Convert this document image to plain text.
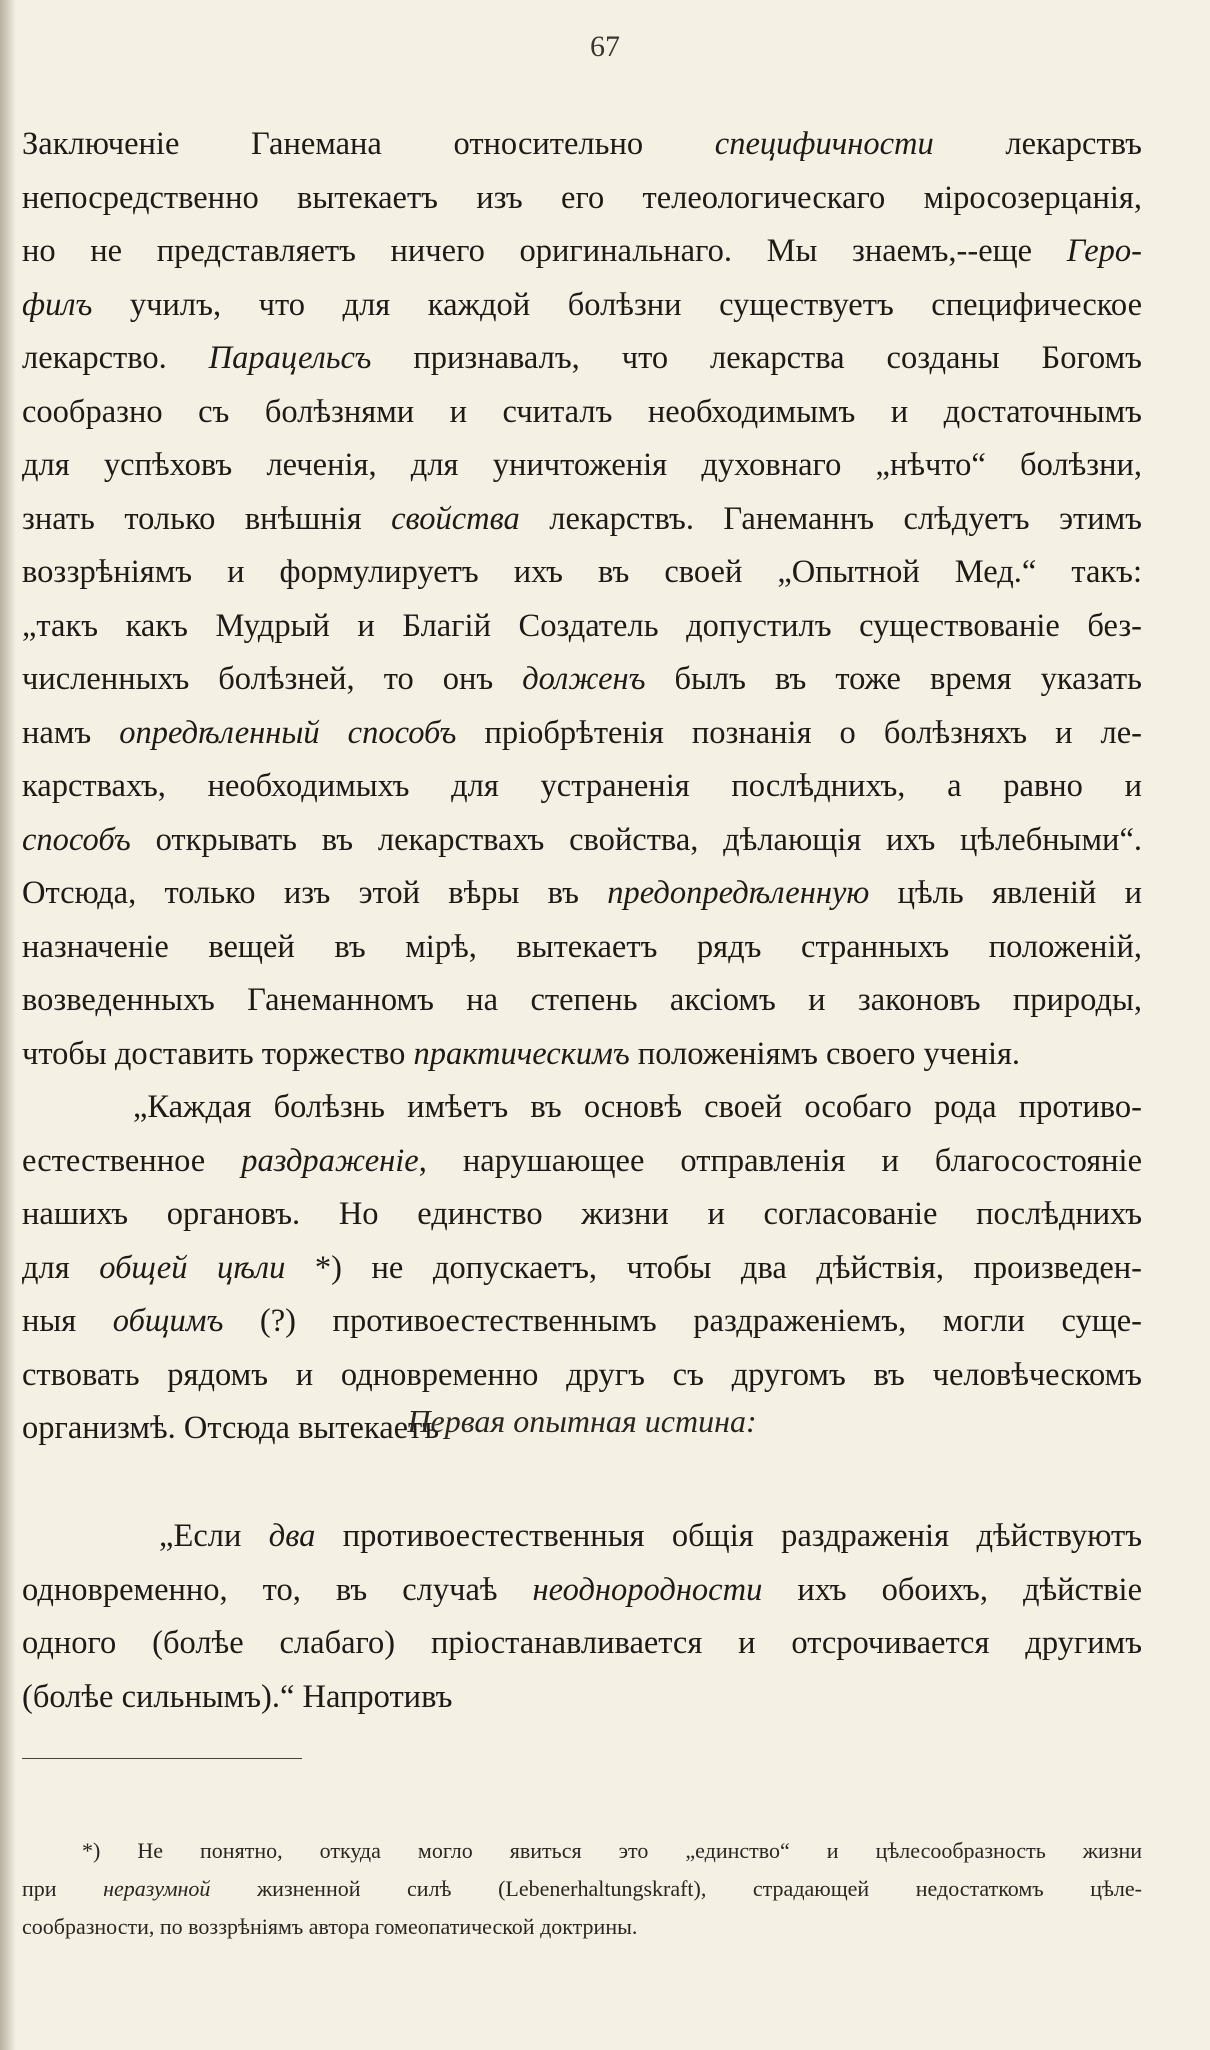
67
Заключеніе Ганемана относительно специфичности лекарствъ
непосредственно вытекаетъ изъ его телеологическаго міросозерцанія,
но не представляетъ ничего оригинальнаго. Мы знаемъ,--еще Геро-
филъ училъ, что для каждой болѣзни существуетъ специфическое
лекарство. Парацельсъ признавалъ, что лекарства созданы Богомъ
сообразно съ болѣзнями и считалъ необходимымъ и достаточнымъ
для успѣховъ леченія, для уничтоженія духовнаго „нѣчто“ болѣзни,
знать только внѣшнія свойства лекарствъ. Ганеманнъ слѣдуетъ этимъ
воззрѣніямъ и формулируетъ ихъ въ своей „Опытной Мед.“ такъ:
„такъ какъ Мудрый и Благій Создатель допустилъ существованіе без-
численныхъ болѣзней, то онъ долженъ былъ въ тоже время указать
намъ опредѣленный способъ пріобрѣтенія познанія о болѣзняхъ и ле-
карствахъ, необходимыхъ для устраненія послѣднихъ, а равно и
способъ открывать въ лекарствахъ свойства, дѣлающія ихъ цѣлебными“.
Отсюда, только изъ этой вѣры въ предопредѣленную цѣль явленій и
назначеніе вещей въ мірѣ, вытекаетъ рядъ странныхъ положеній,
возведенныхъ Ганеманномъ на степень аксіомъ и законовъ природы,
чтобы доставить торжество практическимъ положеніямъ своего ученія.
„Каждая болѣзнь имѣетъ въ основѣ своей особаго рода противо-
естественное раздраженіе, нарушающее отправленія и благосостояніе
нашихъ органовъ. Но единство жизни и согласованіе послѣднихъ
для общей цѣли *) не допускаетъ, чтобы два дѣйствія, произведен-
ныя общимъ (?) противоестественнымъ раздраженіемъ, могли суще-
ствовать рядомъ и одновременно другъ съ другомъ въ человѣческомъ
организмѣ. Отсюда вытекаетъ
Первая опытная истина:
„Если два противоестественныя общія раздраженія дѣйствуютъ
одновременно, то, въ случаѣ неоднородности ихъ обоихъ, дѣйствіе
одного (болѣе слабаго) пріостанавливается и отсрочивается другимъ
(болѣе сильнымъ).“ Напротивъ
*) Не понятно, откуда могло явиться это „единство“ и цѣлесообразность жизни
при неразумной жизненной силѣ (Lebenerhaltungskraft), страдающей недостаткомъ цѣле-
сообразности, по воззрѣніямъ автора гомеопатической доктрины.
